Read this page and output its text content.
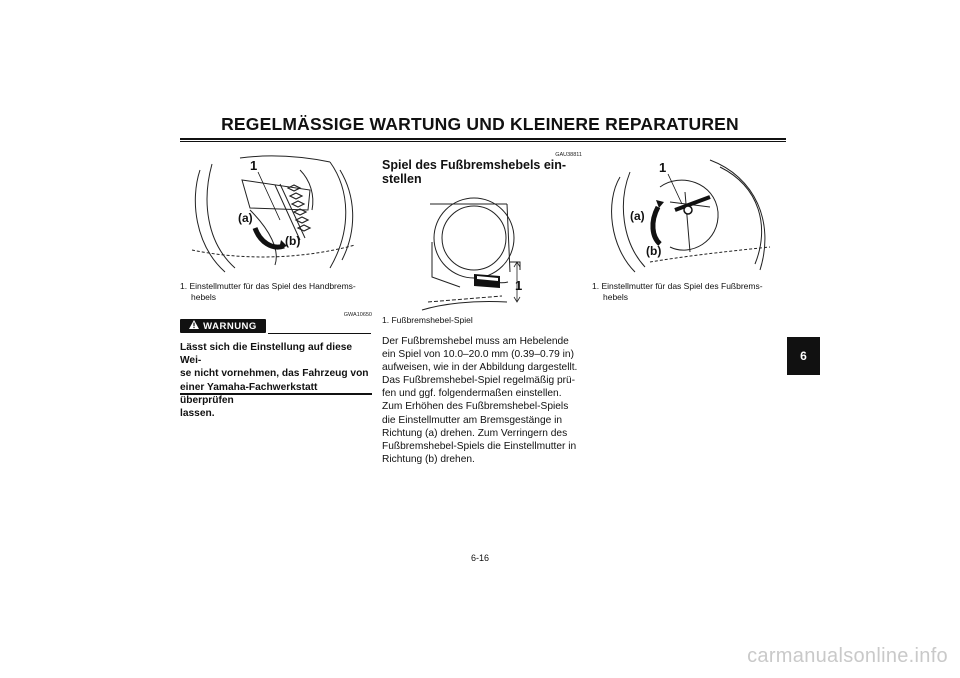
REGELMÄSSIGE WARTUNG UND KLEINERE REPARATUREN
1
(a)
(b)
1. Einstellmutter für das Spiel des Handbrems-
hebels
GWA10650
WARNUNG
Lässt sich die Einstellung auf diese Wei-
se nicht vornehmen, das Fahrzeug von
einer Yamaha-Fachwerkstatt überprüfen
lassen.
GAU38811
Spiel des Fußbremshebels ein-
stellen
1
1. Fußbremshebel-Spiel
Der Fußbremshebel muss am Hebelende
ein Spiel von 10.0–20.0 mm (0.39–0.79 in)
aufweisen, wie in der Abbildung dargestellt.
Das Fußbremshebel-Spiel regelmäßig prü-
fen und ggf. folgendermaßen einstellen.
Zum Erhöhen des Fußbremshebel-Spiels
die Einstellmutter am Bremsgestänge in
Richtung (a) drehen. Zum Verringern des
Fußbremshebel-Spiels die Einstellmutter in
Richtung (b) drehen.
1
(a)
(b)
1. Einstellmutter für das Spiel des Fußbrems-
hebels
6
6-16
carmanualsonline.info
